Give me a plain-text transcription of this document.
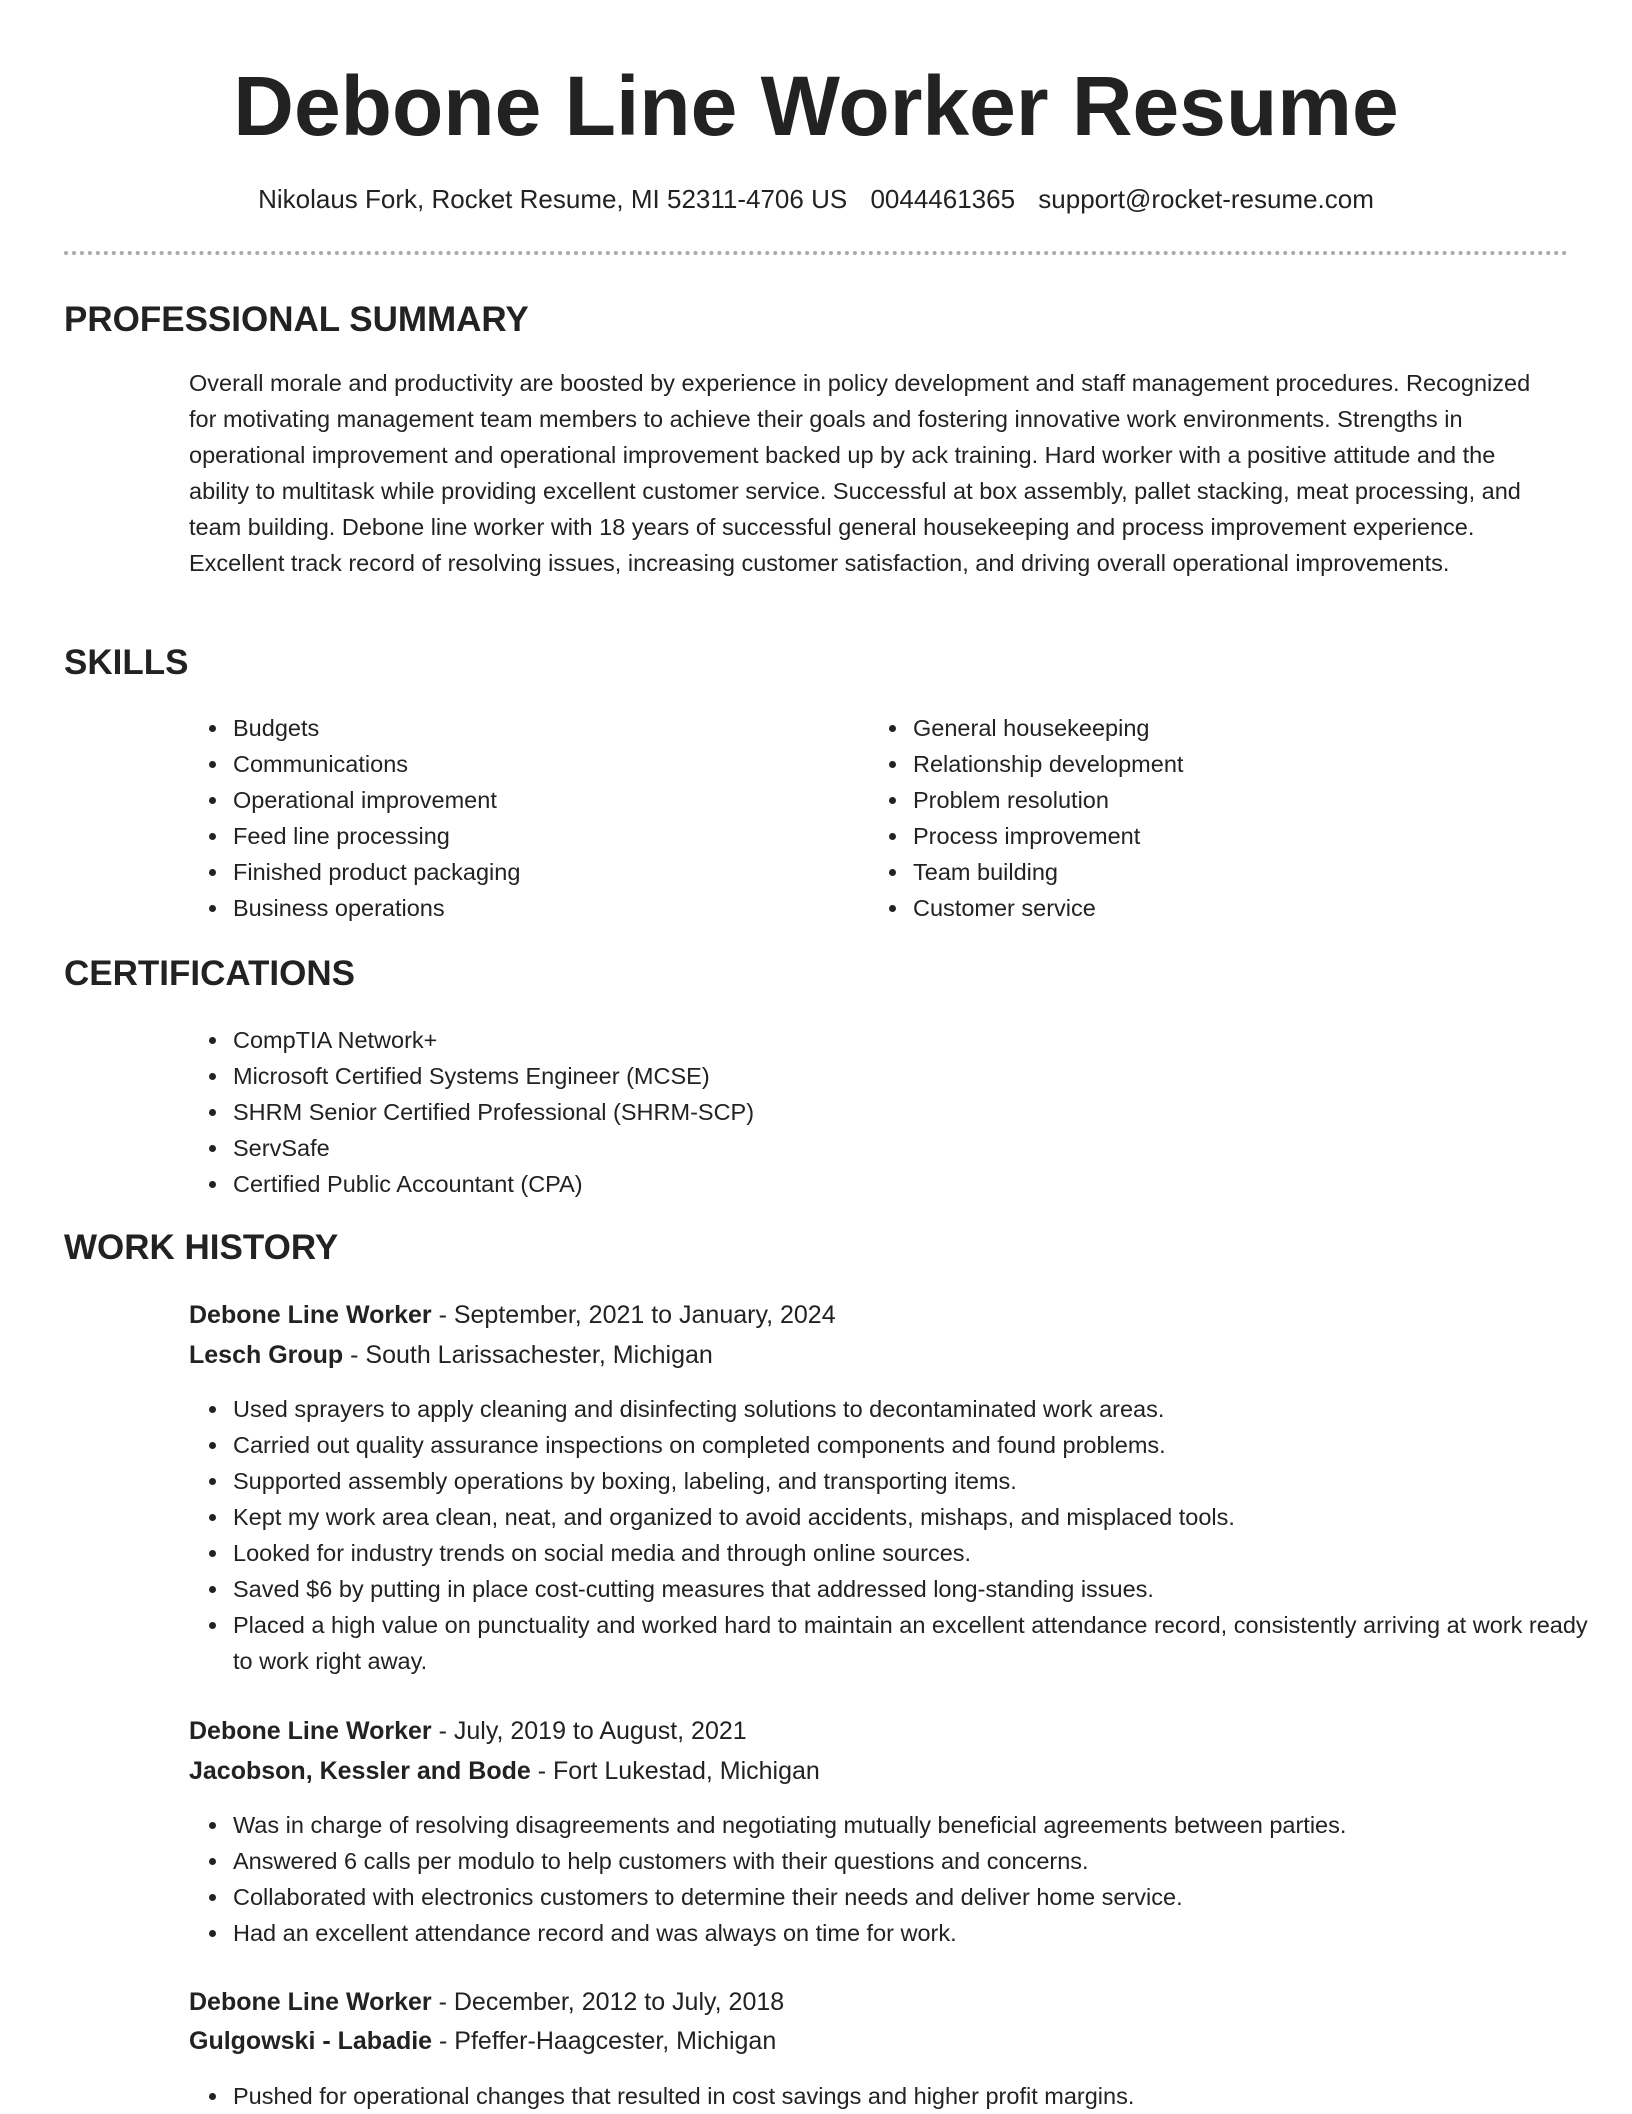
Debone Line Worker Resume
Nikolaus Fork, Rocket Resume, MI 52311-4706 US 0044461365 support@rocket-resume.com
PROFESSIONAL SUMMARY

Overall morale and productivity are boosted by experience in policy development and staff management procedures. Recognized for motivating management team members to achieve their goals and fostering innovative work environments. Strengths in operational improvement and operational improvement backed up by ack training. Hard worker with a positive attitude and the ability to multitask while providing excellent customer service. Successful at box assembly, pallet stacking, meat processing, and team building. Debone line worker with 18 years of successful general housekeeping and process improvement experience. Excellent track record of resolving issues, increasing customer satisfaction, and driving overall operational improvements.

SKILLS
Budgets
Communications
Operational improvement
Feed line processing
Finished product packaging
Business operations
General housekeeping
Relationship development
Problem resolution
Process improvement
Team building
Customer service
CERTIFICATIONS
CompTIA Network+
Microsoft Certified Systems Engineer (MCSE)
SHRM Senior Certified Professional (SHRM-SCP)
ServSafe
Certified Public Accountant (CPA)
WORK HISTORY

Debone Line Worker - September, 2021 to January, 2024

Lesch Group - South Larissachester, Michigan

Used sprayers to apply cleaning and disinfecting solutions to decontaminated work areas.
Carried out quality assurance inspections on completed components and found problems.
Supported assembly operations by boxing, labeling, and transporting items.
Kept my work area clean, neat, and organized to avoid accidents, mishaps, and misplaced tools.
Looked for industry trends on social media and through online sources.
Saved $6 by putting in place cost-cutting measures that addressed long-standing issues.
Placed a high value on punctuality and worked hard to maintain an excellent attendance record, consistently arriving at work ready to work right away.

Debone Line Worker - July, 2019 to August, 2021

Jacobson, Kessler and Bode - Fort Lukestad, Michigan

Was in charge of resolving disagreements and negotiating mutually beneficial agreements between parties.
Answered 6 calls per modulo to help customers with their questions and concerns.
Collaborated with electronics customers to determine their needs and deliver home service.
Had an excellent attendance record and was always on time for work.

Debone Line Worker - December, 2012 to July, 2018

Gulgowski - Labadie - Pfeffer-Haagcester, Michigan

Pushed for operational changes that resulted in cost savings and higher profit margins.
